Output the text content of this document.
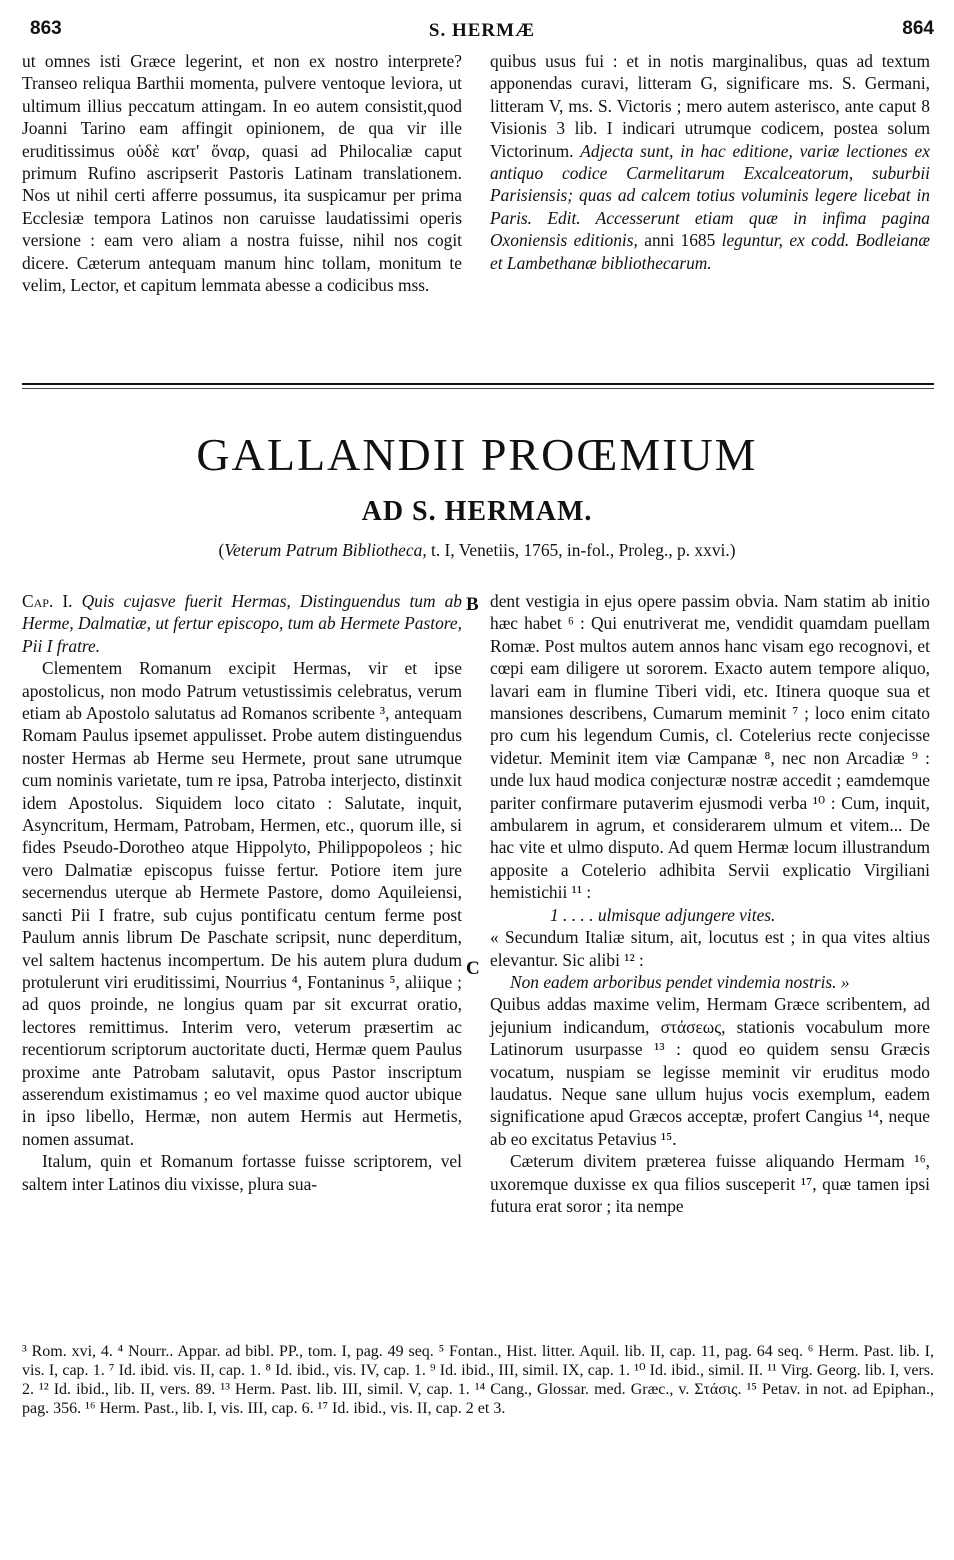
863	S. HERMÆ	864

ut omnes isti Græce legerint, et non ex nostro interprete? Transeo reliqua Barthii momenta, pulvere ventoque leviora, ut ultimum illius peccatum attingam. In eo autem consistit,quod Joanni Tarino eam affingit opinionem, de qua vir ille eruditissimus οὐδὲ κατ' ὄναρ, quasi ad Philocaliæ caput primum Rufino ascripserit Pastoris Latinam translationem. Nos ut nihil certi afferre possumus, ita suspicamur per prima Ecclesiæ tempora Latinos non caruisse laudatissimi operis versione : eam vero aliam a nostra fuisse, nihil nos cogit dicere. Cæterum antequam manum hinc tollam, monitum te velim, Lector, et capitum lemmata abesse a codicibus mss.

quibus usus fui : et in notis marginalibus, quas ad textum apponendas curavi, litteram G, significare ms. S. Germani, litteram V, ms. S. Victoris ; mero autem asterisco, ante caput 8 Visionis 3 lib. I indicari utrumque codicem, postea solum Victorinum. Adjecta sunt, in hac editione, variæ lectiones ex antiquo codice Carmelitarum Excalceatorum, suburbii Parisiensis; quas ad calcem totius voluminis legere licebat in Paris. Edit. Accesserunt etiam quæ in infima pagina Oxoniensis editionis, anni 1685 leguntur, ex codd. Bodleianæ et Lambethanæ bibliothecarum.

GALLANDII PROŒMIUM
AD S. HERMAM.
(Veterum Patrum Bibliotheca, t. I, Venetiis, 1765, in-fol., Proleg., p. xxvi.)
B
C

Cap. I. Quis cujasve fuerit Hermas, Distinguendus tum ab Herme, Dalmatiæ, ut fertur episcopo, tum ab Hermete Pastore, Pii I fratre.

Clementem Romanum excipit Hermas, vir et ipse apostolicus, non modo Patrum vetustissimis celebratus, verum etiam ab Apostolo salutatus ad Romanos scribente ³, antequam Romam Paulus ipsemet appulisset. Probe autem distinguendus noster Hermas ab Herme seu Hermete, prout sane utrumque cum nominis varietate, tum re ipsa, Patroba interjecto, distinxit idem Apostolus. Siquidem loco citato : Salutate, inquit, Asyncritum, Hermam, Patrobam, Hermen, etc., quorum ille, si fides Pseudo-Dorotheo atque Hippolyto, Philippopoleos ; hic vero Dalmatiæ episcopus fuisse fertur. Potiore item jure secernendus uterque ab Hermete Pastore, domo Aquileiensi, sancti Pii I fratre, sub cujus pontificatu centum ferme post Paulum annis librum De Paschate scripsit, nunc deperditum, vel saltem hactenus incompertum. De his autem plura dudum protulerunt viri eruditissimi, Nourrius ⁴, Fontaninus ⁵, aliique ; ad quos proinde, ne longius quam par sit excurrat oratio, lectores remittimus. Interim vero, veterum præsertim ac recentiorum scriptorum auctoritate ducti, Hermæ quem Paulus proxime ante Patrobam salutavit, opus Pastor inscriptum asserendum existimamus ; eo vel maxime quod auctor ubique in ipso libello, Hermæ, non autem Hermis aut Hermetis, nomen assumat.

Italum, quin et Romanum fortasse fuisse scriptorem, vel saltem inter Latinos diu vixisse, plura sua-

dent vestigia in ejus opere passim obvia. Nam statim ab initio hæc habet ⁶ : Qui enutriverat me, vendidit quamdam puellam Romæ. Post multos autem annos hanc visam ego recognovi, et cœpi eam diligere ut sororem. Exacto autem tempore aliquo, lavari eam in flumine Tiberi vidi, etc. Itinera quoque sua et mansiones describens, Cumarum meminit ⁷ ; loco enim citato pro cum his legendum Cumis, cl. Cotelerius recte conjecisse videtur. Meminit item viæ Campanæ ⁸, nec non Arcadiæ ⁹ : unde lux haud modica conjecturæ nostræ accedit ; eamdemque pariter confirmare putaverim ejusmodi verba ¹⁰ : Cum, inquit, ambularem in agrum, et considerarem ulmum et vitem... De hac vite et ulmo disputo. Ad quem Hermæ locum illustrandum apposite a Cotelerio adhibita Servii explicatio Virgiliani hemistichii ¹¹ :

1 . . . . ulmisque adjungere vites.

« Secundum Italiæ situm, ait, locutus est ; in qua vites altius elevantur. Sic alibi ¹² :

Non eadem arboribus pendet vindemia nostris. »

Quibus addas maxime velim, Hermam Græce scribentem, ad jejunium indicandum, στάσεως, stationis vocabulum more Latinorum usurpasse ¹³ : quod eo quidem sensu Græcis vocatum, nuspiam se legisse meminit vir eruditus modo laudatus. Neque sane ullum hujus vocis exemplum, eadem significatione apud Græcos acceptæ, profert Cangius ¹⁴, neque ab eo excitatus Petavius ¹⁵.

Cæterum divitem præterea fuisse aliquando Hermam ¹⁶, uxoremque duxisse ex qua filios susceperit ¹⁷, quæ tamen ipsi futura erat soror ; ita nempe

³ Rom. xvi, 4. ⁴ Nourr.. Appar. ad bibl. PP., tom. I, pag. 49 seq. ⁵ Fontan., Hist. litter. Aquil. lib. II, cap. 11, pag. 64 seq. ⁶ Herm. Past. lib. I, vis. I, cap. 1. ⁷ Id. ibid. vis. II, cap. 1. ⁸ Id. ibid., vis. IV, cap. 1. ⁹ Id. ibid., III, simil. IX, cap. 1. ¹⁰ Id. ibid., simil. II. ¹¹ Virg. Georg. lib. I, vers. 2. ¹² Id. ibid., lib. II, vers. 89. ¹³ Herm. Past. lib. III, simil. V, cap. 1. ¹⁴ Cang., Glossar. med. Græc., v. Στάσις. ¹⁵ Petav. in not. ad Epiphan., pag. 356. ¹⁶ Herm. Past., lib. I, vis. III, cap. 6. ¹⁷ Id. ibid., vis. II, cap. 2 et 3.
